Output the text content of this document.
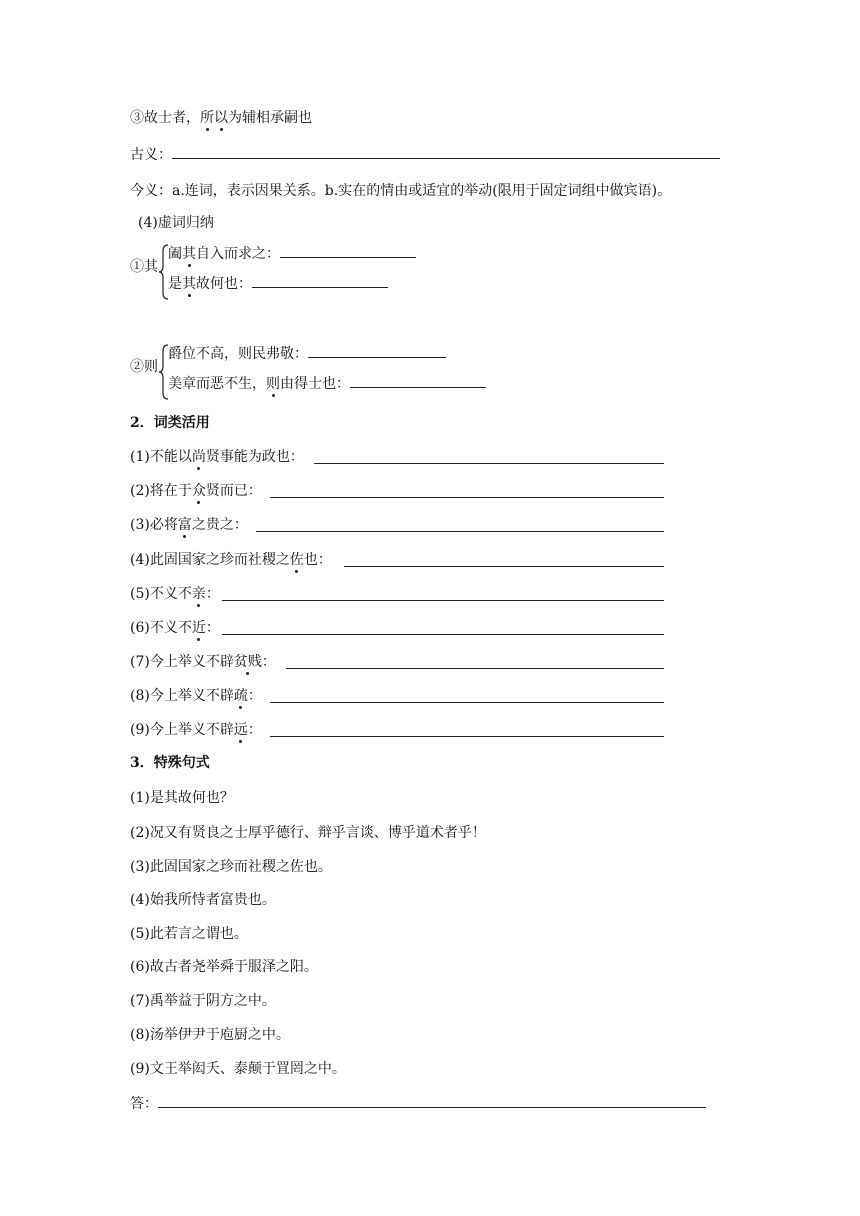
③故士者，所以为辅相承嗣也
古义：
今义：a.连词，表示因果关系。b.实在的情由或适宜的举动(限用于固定词组中做宾语)。
(4)虚词归纳
①其
阖其自入而求之：
是其故何也：
②则
爵位不高，则民弗敬：
美章而恶不生，则由得士也：
2．词类活用
(1)不能以尚贤事能为政也：
(2)将在于众贤而已：
(3)必将富之贵之：
(4)此固国家之珍而社稷之佐也：
(5)不义不亲：
(6)不义不近：
(7)今上举义不辟贫贱：
(8)今上举义不辟疏：
(9)今上举义不辟远：
3．特殊句式
(1)是其故何也？
(2)况又有贤良之士厚乎德行、辩乎言谈、博乎道术者乎！
(3)此固国家之珍而社稷之佐也。
(4)始我所恃者富贵也。
(5)此若言之谓也。
(6)故古者尧举舜于服泽之阳。
(7)禹举益于阴方之中。
(8)汤举伊尹于庖厨之中。
(9)文王举闳夭、泰颠于罝罔之中。
答：
